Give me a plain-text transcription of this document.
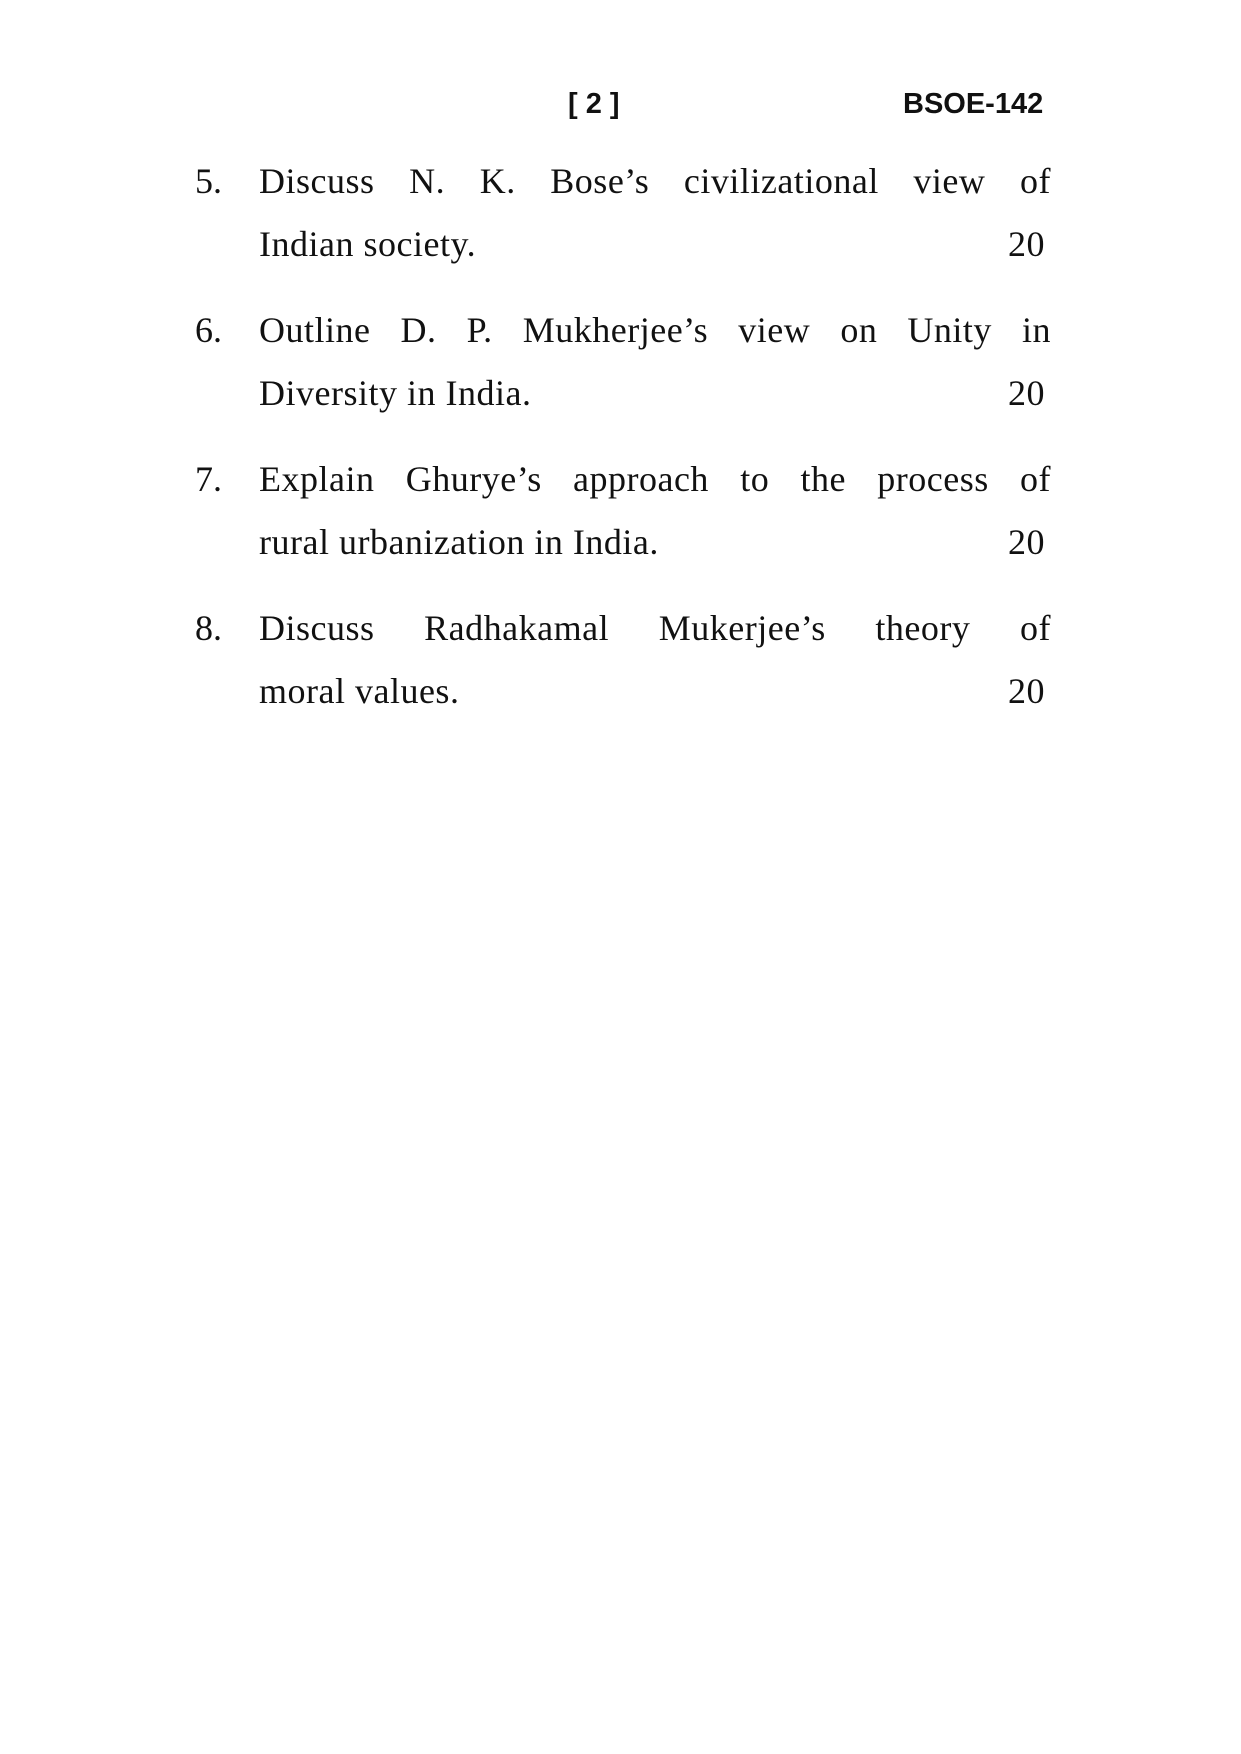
[ 2 ]	BSOE-142
5. Discuss N. K. Bose’s civilizational view of
Indian society.	20
6. Outline D. P. Mukherjee’s view on Unity in
Diversity in India.	20
7. Explain Ghurye’s approach to the process of
rural urbanization in India.	20
8. Discuss Radhakamal Mukerjee’s theory of
moral values.	20
